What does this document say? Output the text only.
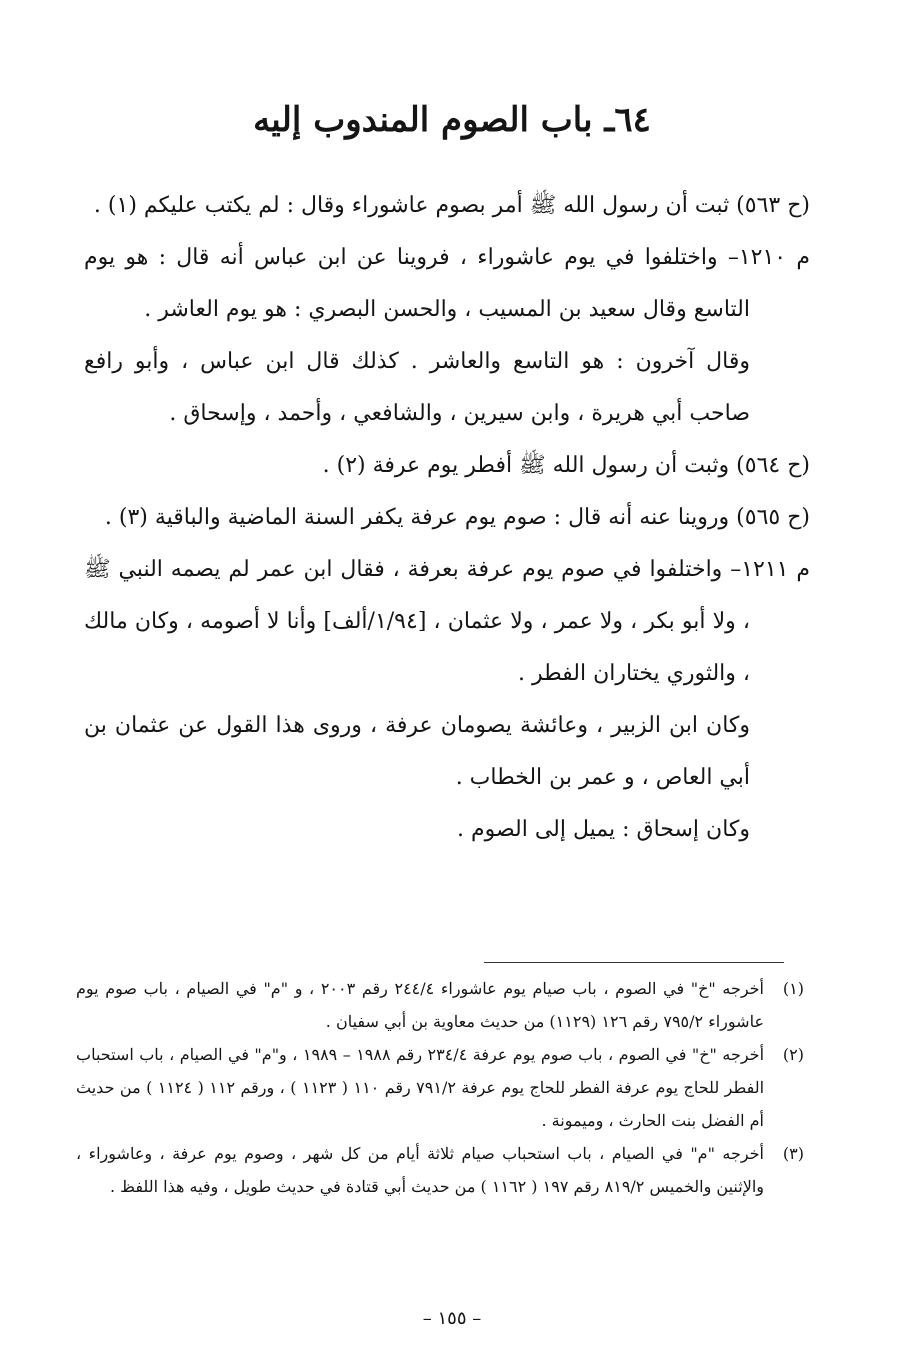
٦٤ـ باب الصوم المندوب إليه

(ح ٥٦٣) ثبت أن رسول الله ﷺ أمر بصوم عاشوراء وقال : لم يكتب عليكم (١) .

م ١٢١٠– واختلفوا في يوم عاشوراء ، فروينا عن ابن عباس أنه قال : هو يوم التاسع وقال سعيد بن المسيب ، والحسن البصري : هو يوم العاشر .

وقال آخرون : هو التاسع والعاشر . كذلك قال ابن عباس ، وأبو رافع صاحب أبي هريرة ، وابن سيرين ، والشافعي ، وأحمد ، وإسحاق .

(ح ٥٦٤) وثبت أن رسول الله ﷺ أفطر يوم عرفة (٢) .

(ح ٥٦٥) وروينا عنه أنه قال : صوم يوم عرفة يكفر السنة الماضية والباقية (٣) .

م ١٢١١– واختلفوا في صوم يوم عرفة بعرفة ، فقال ابن عمر لم يصمه النبي ﷺ ، ولا أبو بكر ، ولا عمر ، ولا عثمان ، [١/٩٤/ألف] وأنا لا أصومه ، وكان مالك ، والثوري يختاران الفطر .

وكان ابن الزبير ، وعائشة يصومان عرفة ، وروى هذا القول عن عثمان بن أبي العاص ، و عمر بن الخطاب .

وكان إسحاق : يميل إلى الصوم .

(١)
أخرجه "خ" في الصوم ، باب صيام يوم عاشوراء ٢٤٤/٤ رقم ٢٠٠٣ ، و "م" في الصيام ، باب صوم يوم عاشوراء ٧٩٥/٢ رقم ١٢٦ (١١٢٩) من حديث معاوية بن أبي سفيان .
(٢)
أخرجه "خ" في الصوم ، باب صوم يوم عرفة ٢٣٤/٤ رقم ١٩٨٨ – ١٩٨٩ ، و"م" في الصيام ، باب استحباب الفطر للحاج يوم عرفة الفطر للحاج يوم عرفة ٧٩١/٢ رقم ١١٠ ( ١١٢٣ ) ، ورقم ١١٢ ( ١١٢٤ ) من حديث أم الفضل بنت الحارث ، وميمونة .
(٣)
أخرجه "م" في الصيام ، باب استحباب صيام ثلاثة أيام من كل شهر ، وصوم يوم عرفة ، وعاشوراء ، والإثنين والخميس ٨١٩/٢ رقم ١٩٧ ( ١١٦٢ ) من حديث أبي قتادة في حديث طويل ، وفيه هذا اللفظ .
– ١٥٥ –
